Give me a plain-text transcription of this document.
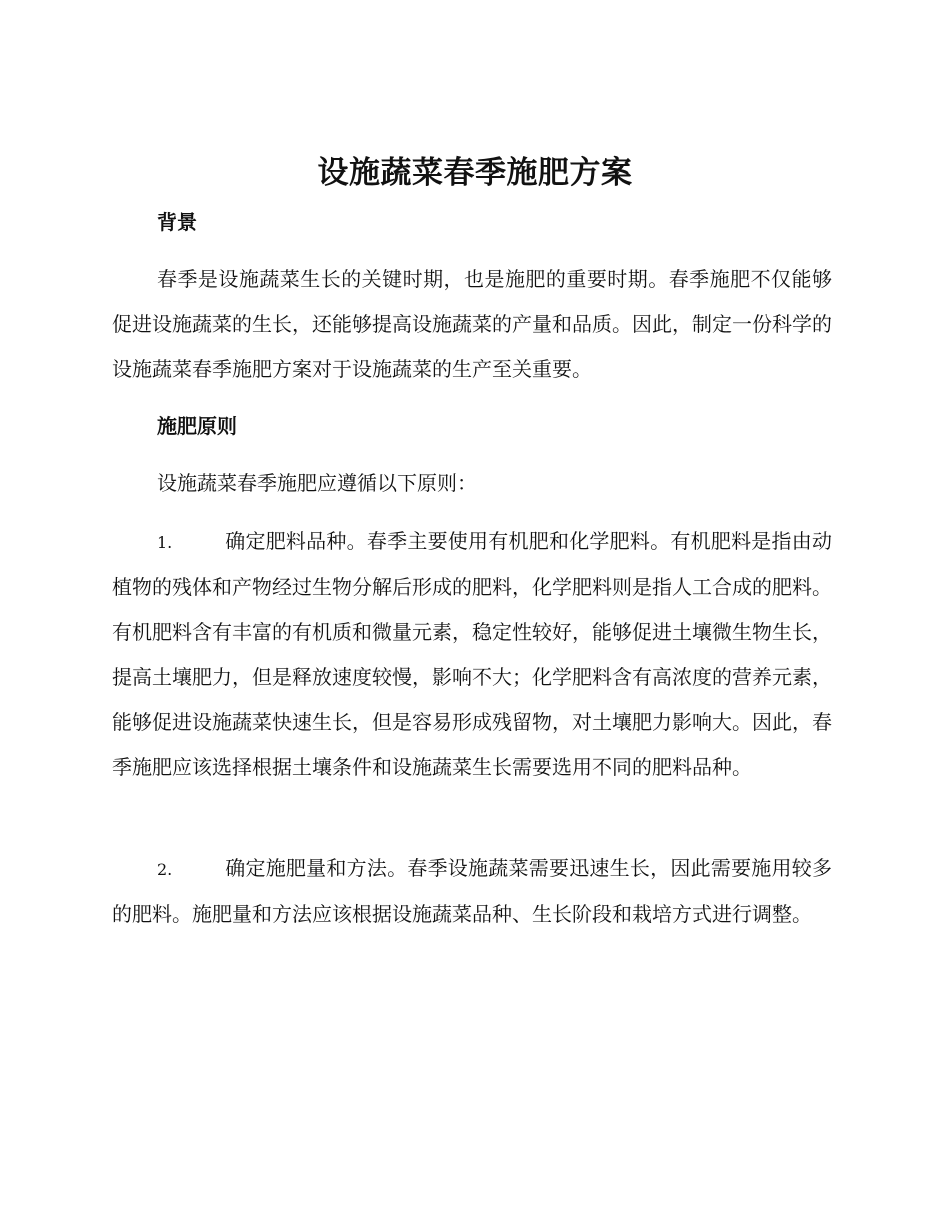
设施蔬菜春季施肥方案
背景
春季是设施蔬菜生长的关键时期，也是施肥的重要时期。春季施肥不仅能够促进设施蔬菜的生长，还能够提高设施蔬菜的产量和品质。因此，制定一份科学的设施蔬菜春季施肥方案对于设施蔬菜的生产至关重要。
施肥原则
设施蔬菜春季施肥应遵循以下原则：
1.	确定肥料品种。春季主要使用有机肥和化学肥料。有机肥料是指由动植物的残体和产物经过生物分解后形成的肥料，化学肥料则是指人工合成的肥料。有机肥料含有丰富的有机质和微量元素，稳定性较好，能够促进土壤微生物生长，提高土壤肥力，但是释放速度较慢，影响不大；化学肥料含有高浓度的营养元素，能够促进设施蔬菜快速生长，但是容易形成残留物，对土壤肥力影响大。因此，春季施肥应该选择根据土壤条件和设施蔬菜生长需要选用不同的肥料品种。
2.	确定施肥量和方法。春季设施蔬菜需要迅速生长，因此需要施用较多的肥料。施肥量和方法应该根据设施蔬菜品种、生长阶段和栽培方式进行调整。
